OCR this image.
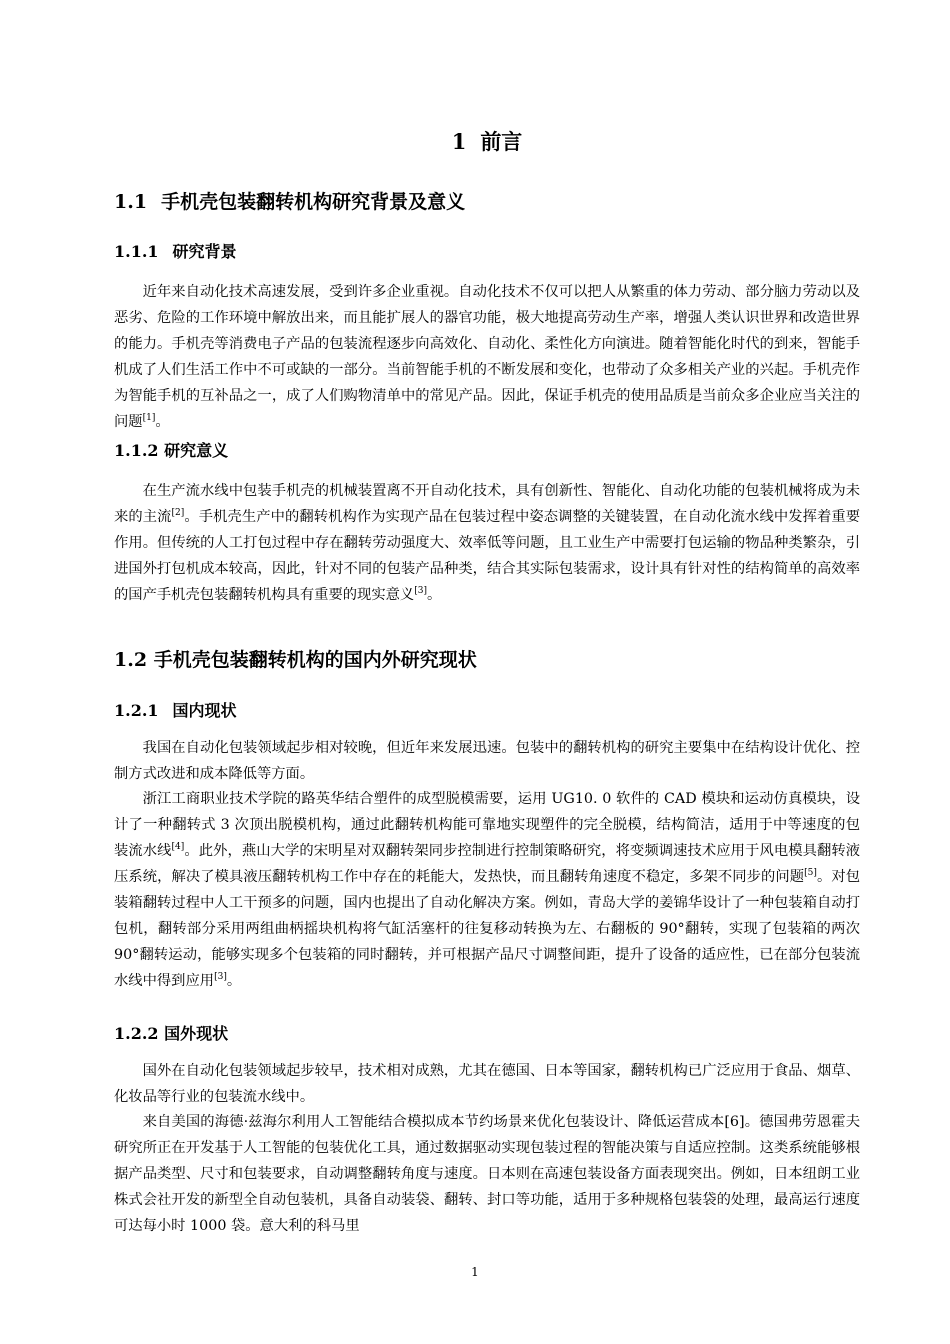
1 前言
1.1 手机壳包装翻转机构研究背景及意义
1.1.1 研究背景

近年来自动化技术高速发展，受到许多企业重视。自动化技术不仅可以把人从繁重的体力劳动、部分脑力劳动以及恶劣、危险的工作环境中解放出来，而且能扩展人的器官功能，极大地提高劳动生产率，增强人类认识世界和改造世界的能力。手机壳等消费电子产品的包装流程逐步向高效化、自动化、柔性化方向演进。随着智能化时代的到来，智能手机成了人们生活工作中不可或缺的一部分。当前智能手机的不断发展和变化，也带动了众多相关产业的兴起。手机壳作为智能手机的互补品之一，成了人们购物清单中的常见产品。因此，保证手机壳的使用品质是当前众多企业应当关注的问题[1]。

1.1.2 研究意义

在生产流水线中包装手机壳的机械装置离不开自动化技术，具有创新性、智能化、自动化功能的包装机械将成为未来的主流[2]。手机壳生产中的翻转机构作为实现产品在包装过程中姿态调整的关键装置，在自动化流水线中发挥着重要作用。但传统的人工打包过程中存在翻转劳动强度大、效率低等问题，且工业生产中需要打包运输的物品种类繁杂，引进国外打包机成本较高，因此，针对不同的包装产品种类，结合其实际包装需求，设计具有针对性的结构简单的高效率的国产手机壳包装翻转机构具有重要的现实意义[3]。

1.2 手机壳包装翻转机构的国内外研究现状
1.2.1 国内现状

我国在自动化包装领域起步相对较晚，但近年来发展迅速。包装中的翻转机构的研究主要集中在结构设计优化、控制方式改进和成本降低等方面。

浙江工商职业技术学院的路英华结合塑件的成型脱模需要，运用 UG10. 0 软件的 CAD 模块和运动仿真模块，设计了一种翻转式 3 次顶出脱模机构，通过此翻转机构能可靠地实现塑件的完全脱模，结构简洁，适用于中等速度的包装流水线[4]。此外，燕山大学的宋明星对双翻转架同步控制进行控制策略研究，将变频调速技术应用于风电模具翻转液压系统，解决了模具液压翻转机构工作中存在的耗能大，发热快，而且翻转角速度不稳定，多架不同步的问题[5]。对包装箱翻转过程中人工干预多的问题，国内也提出了自动化解决方案。例如，青岛大学的姜锦华设计了一种包装箱自动打包机，翻转部分采用两组曲柄摇块机构将气缸活塞杆的往复移动转换为左、右翻板的 90°翻转，实现了包装箱的两次 90°翻转运动，能够实现多个包装箱的同时翻转，并可根据产品尺寸调整间距，提升了设备的适应性，已在部分包装流水线中得到应用[3]。

1.2.2 国外现状

国外在自动化包装领域起步较早，技术相对成熟，尤其在德国、日本等国家，翻转机构已广泛应用于食品、烟草、化妆品等行业的包装流水线中。

来自美国的海德·兹海尔利用人工智能结合模拟成本节约场景来优化包装设计、降低运营成本[6]。德国弗劳恩霍夫研究所正在开发基于人工智能的包装优化工具，通过数据驱动实现包装过程的智能决策与自适应控制。这类系统能够根据产品类型、尺寸和包装要求，自动调整翻转角度与速度。日本则在高速包装设备方面表现突出。例如，日本纽朗工业株式会社开发的新型全自动包装机，具备自动装袋、翻转、封口等功能，适用于多种规格包装袋的处理，最高运行速度可达每小时 1000 袋。意大利的科马里

1
